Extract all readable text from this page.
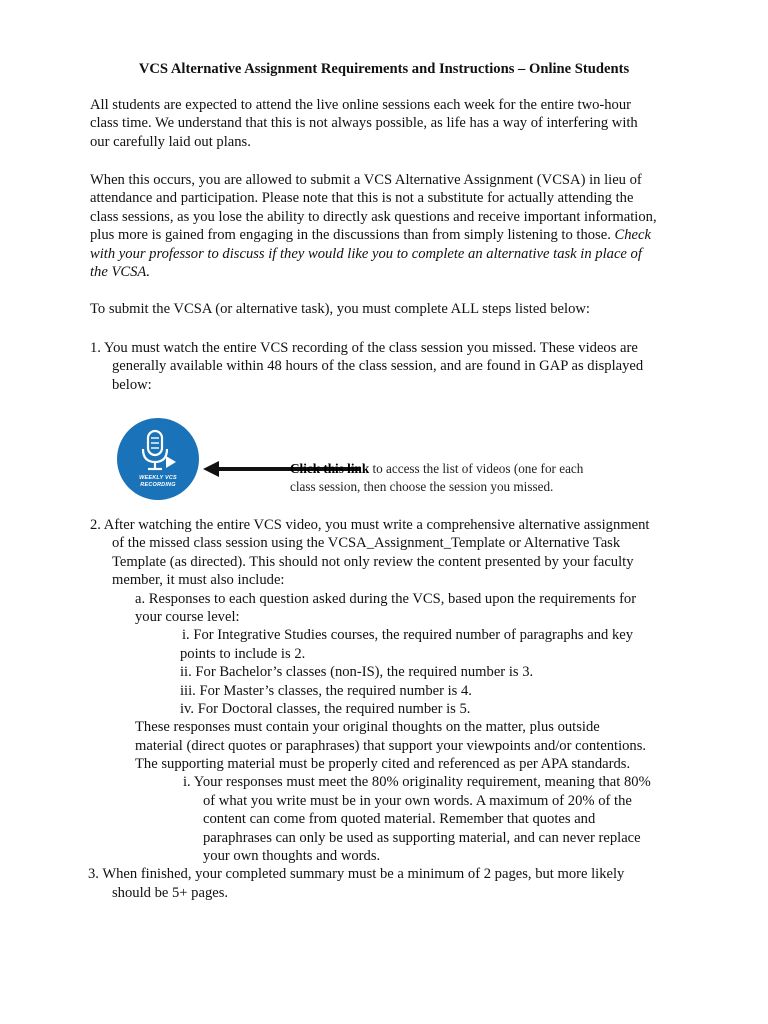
VCS Alternative Assignment Requirements and Instructions – Online Students
All students are expected to attend the live online sessions each week for the entire two-hour
class time. We understand that this is not always possible, as life has a way of interfering with
our carefully laid out plans.
When this occurs, you are allowed to submit a VCS Alternative Assignment (VCSA) in lieu of
attendance and participation. Please note that this is not a substitute for actually attending the
class sessions, as you lose the ability to directly ask questions and receive important information,
plus more is gained from engaging in the discussions than from simply listening to those. Check
with your professor to discuss if they would like you to complete an alternative task in place of
the VCSA.
To submit the VCSA (or alternative task), you must complete ALL steps listed below:
1. You must watch the entire VCS recording of the class session you missed. These videos are
generally available within 48 hours of the class session, and are found in GAP as displayed
below:
WEEKLY VCS
RECORDING
Click this link to access the list of videos (one for each
class session, then choose the session you missed.
2. After watching the entire VCS video, you must write a comprehensive alternative assignment
of the missed class session using the VCSA_Assignment_Template or Alternative Task
Template (as directed). This should not only review the content presented by your faculty
member, it must also include:
a. Responses to each question asked during the VCS, based upon the requirements for
your course level:
i. For Integrative Studies courses, the required number of paragraphs and key
points to include is 2.
ii. For Bachelor’s classes (non-IS), the required number is 3.
iii. For Master’s classes, the required number is 4.
iv. For Doctoral classes, the required number is 5.
These responses must contain your original thoughts on the matter, plus outside
material (direct quotes or paraphrases) that support your viewpoints and/or contentions.
The supporting material must be properly cited and referenced as per APA standards.
i. Your responses must meet the 80% originality requirement, meaning that 80%
of what you write must be in your own words. A maximum of 20% of the
content can come from quoted material. Remember that quotes and
paraphrases can only be used as supporting material, and can never replace
your own thoughts and words.
3. When finished, your completed summary must be a minimum of 2 pages, but more likely
should be 5+ pages.
